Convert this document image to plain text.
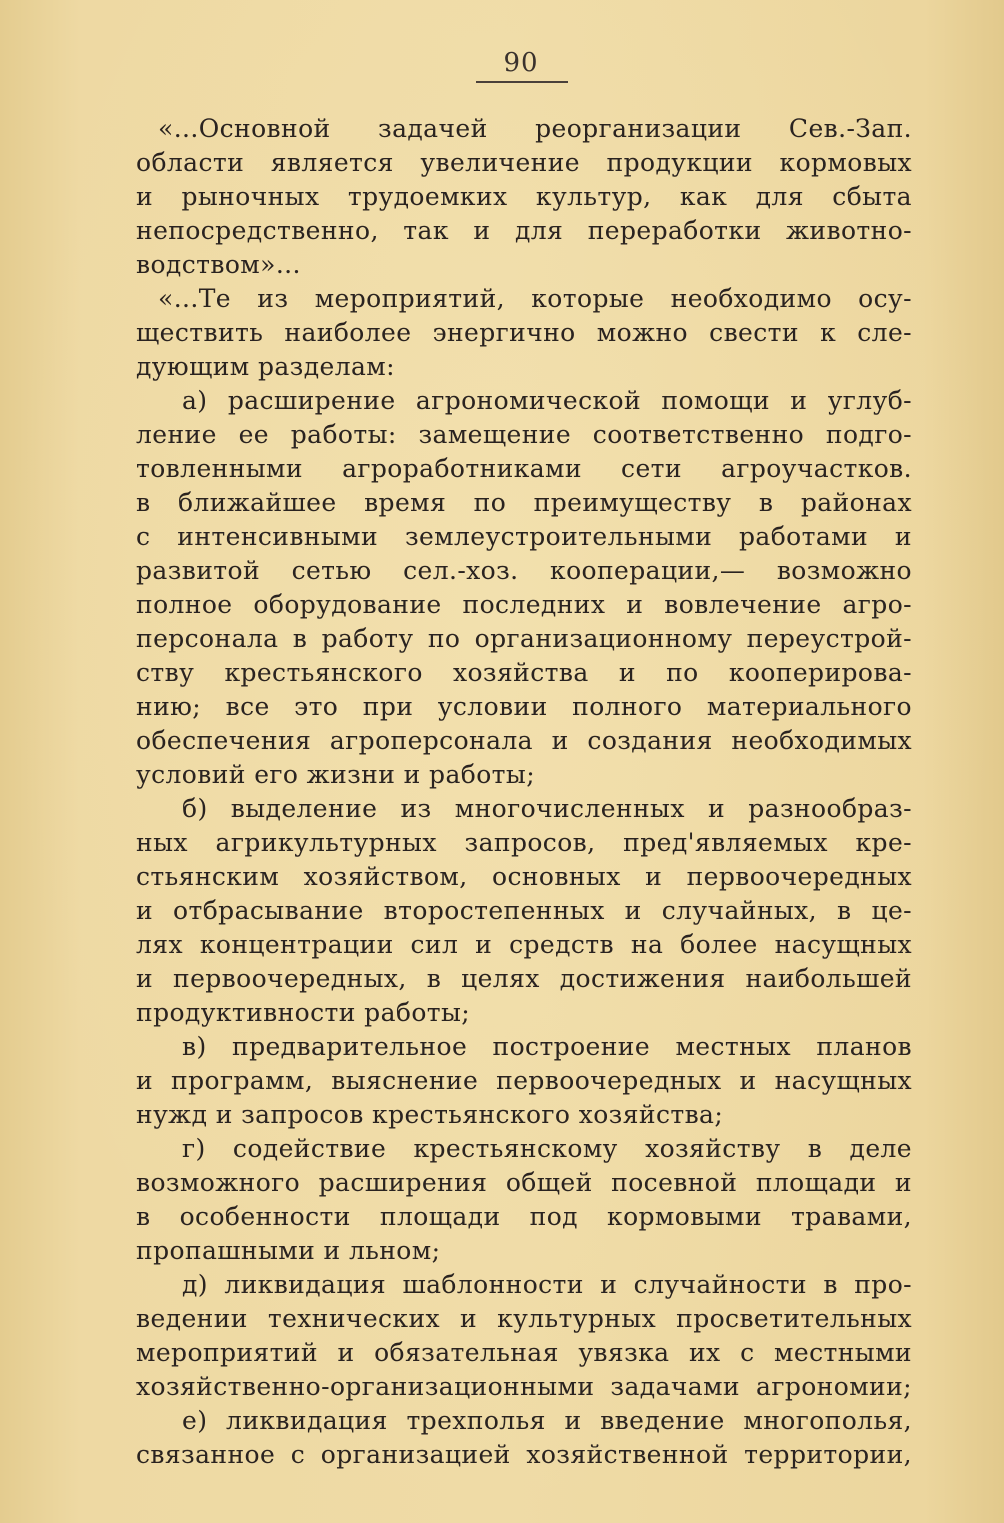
90
«...Основной задачей реорганизации Сев.-Зап.
области является увеличение продукции кормовых
и рыночных трудоемких культур, как для сбыта
непосредственно, так и для переработки животно-
водством»...
«...Те из мероприятий, которые необходимо осу-
ществить наиболее энергично можно свести к сле-
дующим разделам:
а) расширение агрономической помощи и углуб-
ление ее работы: замещение соответственно подго-
товленными агроработниками сети агроучастков.
в ближайшее время по преимуществу в районах
с интенсивными землеустроительными работами и
развитой сетью сел.-хоз. кооперации,— возможно
полное оборудование последних и вовлечение агро-
персонала в работу по организационному переустрой-
ству крестьянского хозяйства и по кооперирова-
нию; все это при условии полного материального
обеспечения агроперсонала и создания необходимых
условий его жизни и работы;
б) выделение из многочисленных и разнообраз-
ных агрикультурных запросов, пред'являемых кре-
стьянским хозяйством, основных и первоочередных
и отбрасывание второстепенных и случайных, в це-
лях концентрации сил и средств на более насущных
и первоочередных, в целях достижения наибольшей
продуктивности работы;
в) предварительное построение местных планов
и программ, выяснение первоочередных и насущных
нужд и запросов крестьянского хозяйства;
г) содействие крестьянскому хозяйству в деле
возможного расширения общей посевной площади и
в особенности площади под кормовыми травами,
пропашными и льном;
д) ликвидация шаблонности и случайности в про-
ведении технических и культурных просветительных
мероприятий и обязательная увязка их с местными
хозяйственно-организационными задачами агрономии;
е) ликвидация трехполья и введение многополья,
связанное с организацией хозяйственной территории,
